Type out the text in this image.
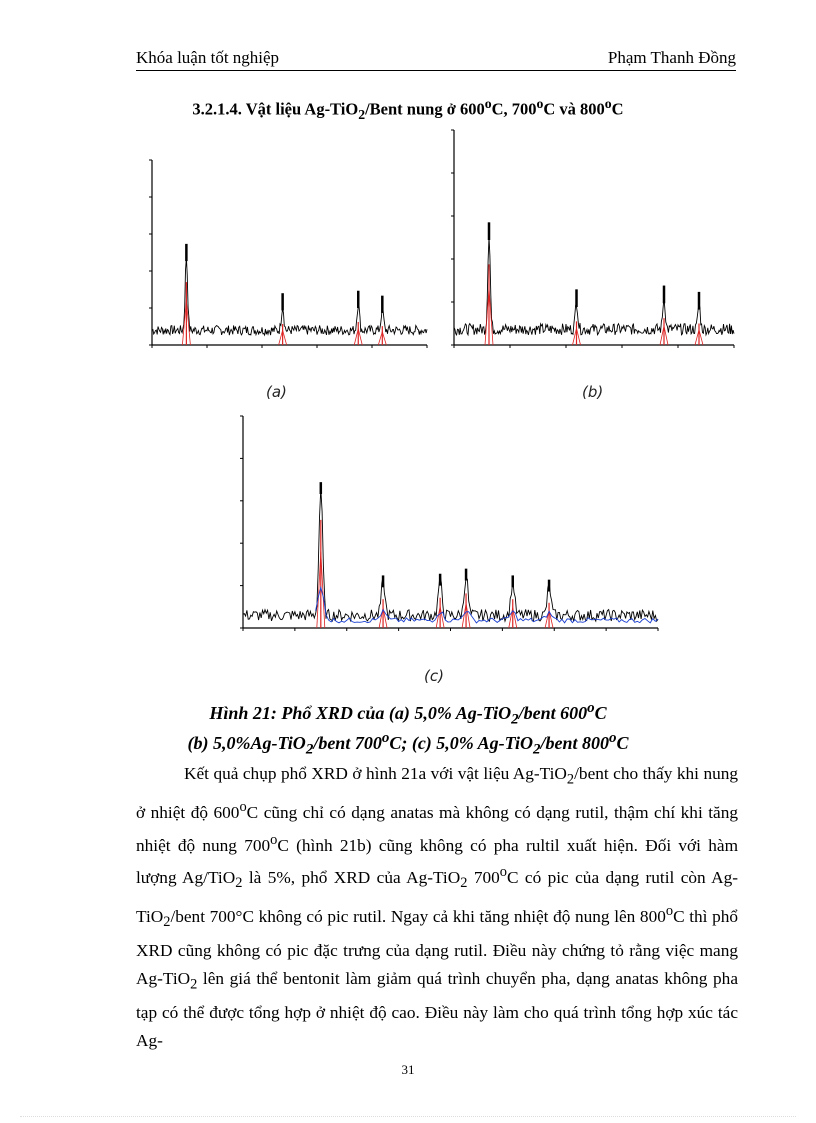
Khóa luận tốt nghiệp	Phạm Thanh Đồng
3.2.1.4. Vật liệu Ag-TiO$_2$/Bent nung ở 600$^o$C, 700$^o$C và 800$^o$C
(a)	(b)
(c)
Hình 21: Phổ XRD của (a) 5,0% Ag-TiO$_2$/bent 600$^o$C
(b) 5,0%Ag-TiO$_2$/bent 700$^o$C; (c) 5,0% Ag-TiO$_2$/bent 800$^o$C

Kết quả chụp phổ XRD ở hình 21a với vật liệu Ag-TiO$_2$/bent cho thấy khi nung ở nhiệt độ 600$^o$C cũng chỉ có dạng anatas mà không có dạng rutil, thậm chí khi tăng nhiệt độ nung 700$^o$C (hình 21b) cũng không có pha rultil xuất hiện. Đối với hàm lượng Ag/TiO$_2$ là 5%, phổ XRD của Ag-TiO$_2$ 700$^o$C có pic của dạng rutil còn Ag-TiO$_2$/bent 700°C không có pic rutil. Ngay cả khi tăng nhiệt độ nung lên 800$^o$C thì phổ XRD cũng không có pic đặc trưng của dạng rutil. Điều này chứng tỏ rằng việc mang Ag-TiO$_2$ lên giá thể bentonit làm giảm quá trình chuyển pha, dạng anatas không pha tạp có thể được tổng hợp ở nhiệt độ cao. Điều này làm cho quá trình tổng hợp xúc tác Ag-

31
